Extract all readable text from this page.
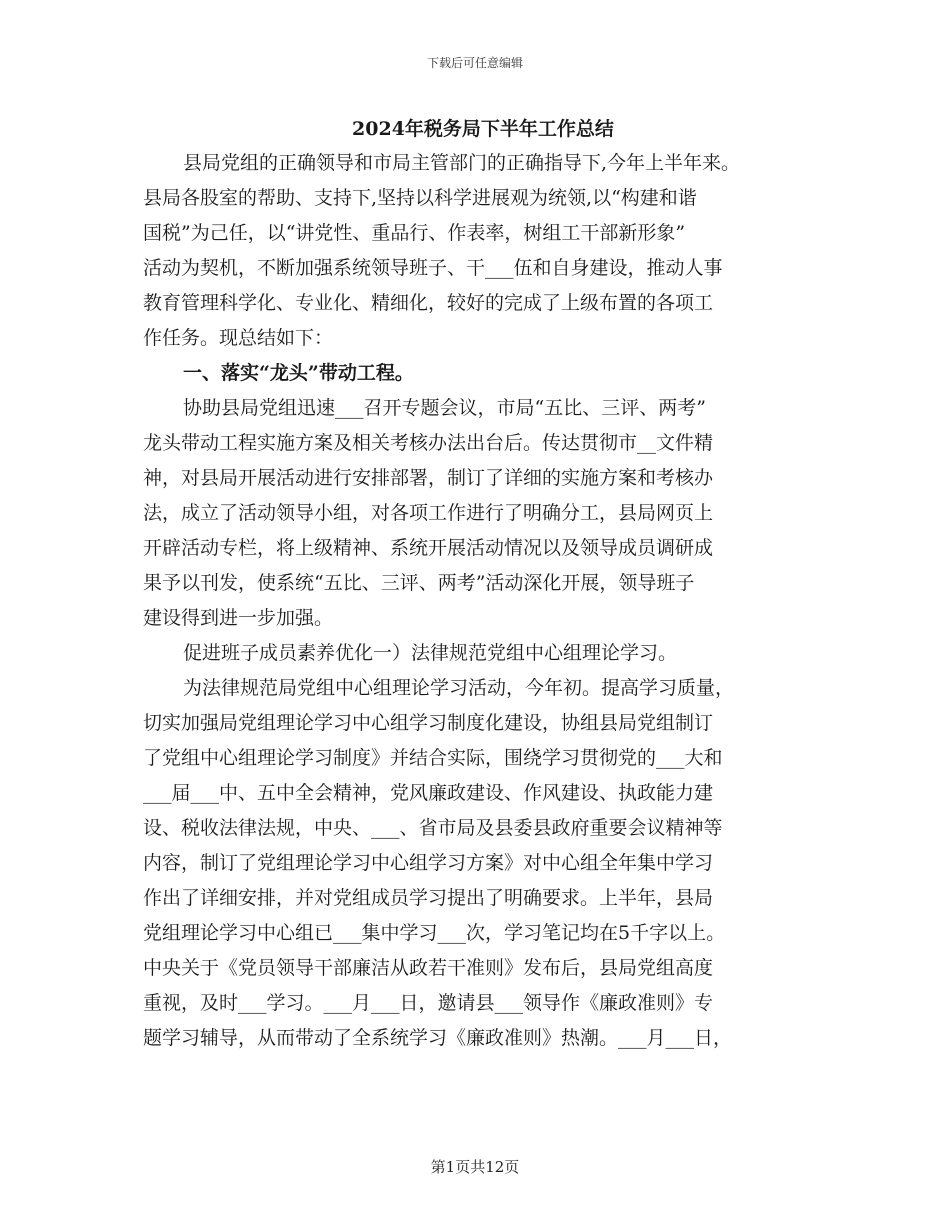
下载后可任意编辑
2024年税务局下半年工作总结

县局党组的正确领导和市局主管部门的正确指导下,今年上半年来。

县局各股室的帮助、支持下,坚持以科学进展观为统领,以“构建和谐

国税”为己任，以“讲党性、重品行、作表率，树组工干部新形象”

活动为契机，不断加强系统领导班子、干___伍和自身建设，推动人事

教育管理科学化、专业化、精细化，较好的完成了上级布置的各项工

作任务。现总结如下：

一、落实“龙头”带动工程。

协助县局党组迅速___召开专题会议，市局“五比、三评、两考”

龙头带动工程实施方案及相关考核办法出台后。传达贯彻市__文件精

神，对县局开展活动进行安排部署，制订了详细的实施方案和考核办

法，成立了活动领导小组，对各项工作进行了明确分工，县局网页上

开辟活动专栏，将上级精神、系统开展活动情况以及领导成员调研成

果予以刊发，使系统“五比、三评、两考”活动深化开展，领导班子

建设得到进一步加强。

促进班子成员素养优化一）法律规范党组中心组理论学习。

为法律规范局党组中心组理论学习活动，今年初。提高学习质量，

切实加强局党组理论学习中心组学习制度化建设，协组县局党组制订

了党组中心组理论学习制度》并结合实际，围绕学习贯彻党的___大和

___届___中、五中全会精神，党风廉政建设、作风建设、执政能力建

设、税收法律法规，中央、___、省市局及县委县政府重要会议精神等

内容，制订了党组理论学习中心组学习方案》对中心组全年集中学习

作出了详细安排，并对党组成员学习提出了明确要求。上半年，县局

党组理论学习中心组已___集中学习___次，学习笔记均在5千字以上。

中央关于《党员领导干部廉洁从政若干准则》发布后，县局党组高度

重视，及时___学习。___月___日，邀请县___领导作《廉政准则》专

题学习辅导，从而带动了全系统学习《廉政准则》热潮。___月___日，

第1页共12页
